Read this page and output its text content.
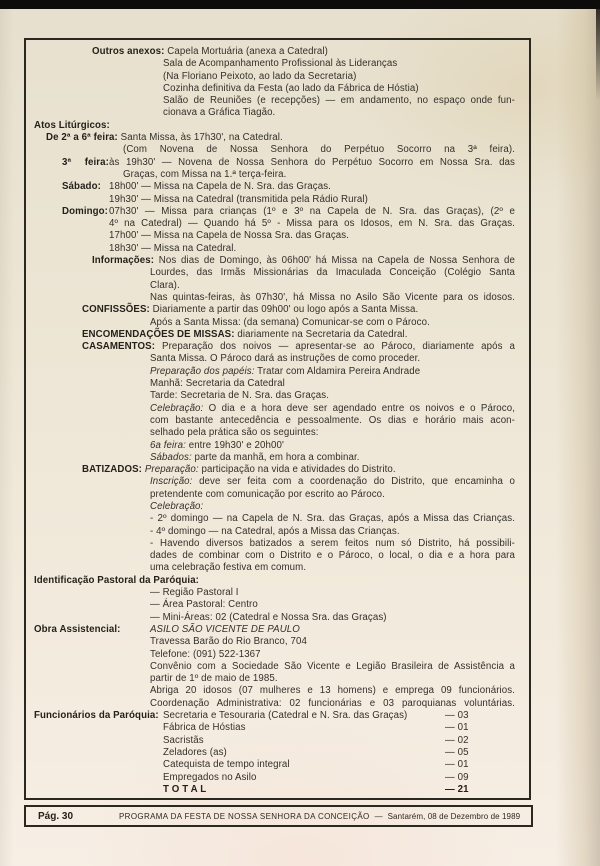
Outros anexos: Capela Mortuária (anexa a Catedral)
Sala de Acompanhamento Profissional às Lideranças
(Na Floriano Peixoto, ao lado da Secretaria)
Cozinha definitiva da Festa (ao lado da Fábrica de Hóstia)
Salão de Reuniões (e recepções) — em andamento, no espaço onde fun-
cionava a Gráfica Tiagão.
Atos Litúrgicos:
De 2ª a 6ª feira: Santa Missa, às 17h30', na Catedral.
(Com Novena de Nossa Senhora do Perpétuo Socorro na 3ª feira).
3ª feira: às 19h30' — Novena de Nossa Senhora do Perpétuo Socorro em Nossa Sra. das
Graças, com Missa na 1.ª terça-feira.
Sábado: 18h00' — Missa na Capela de N. Sra. das Graças.
19h30' — Missa na Catedral (transmitida pela Rádio Rural)
Domingo: 07h30' — Missa para crianças (1º e 3º na Capela de N. Sra. das Graças), (2º e
4º na Catedral) — Quando há 5º - Missa para os Idosos, em N. Sra. das Graças.
17h00' — Missa na Capela de Nossa Sra. das Graças.
18h30' — Missa na Catedral.
Informações: Nos dias de Domingo, às 06h00' há Missa na Capela de Nossa Senhora de
Lourdes, das Irmãs Missionárias da Imaculada Conceição (Colégio Santa
Clara).
Nas quintas-feiras, às 07h30', há Missa no Asilo São Vicente para os idosos.
CONFISSÕES: Diariamente a partir das 09h00' ou logo após a Santa Missa.
Após a Santa Missa: (da semana) Comunicar-se com o Pároco.
ENCOMENDAÇÕES DE MISSAS: diariamente na Secretaria da Catedral.
CASAMENTOS: Preparação dos noivos — apresentar-se ao Pároco, diariamente após a
Santa Missa. O Pároco dará as instruções de como proceder.
Preparação dos papéis: Tratar com Aldamira Pereira Andrade
Manhã: Secretaria da Catedral
Tarde: Secretaria de N. Sra. das Graças.
Celebração: O dia e a hora deve ser agendado entre os noivos e o Pároco,
com bastante antecedência e pessoalmente. Os dias e horário mais acon-
selhado pela prática são os seguintes:
6a feira: entre 19h30' e 20h00'
Sábados: parte da manhã, em hora a combinar.
BATIZADOS: Preparação: participação na vida e atividades do Distrito.
Inscrição: deve ser feita com a coordenação do Distrito, que encaminha o
pretendente com comunicação por escrito ao Pároco.
Celebração:
- 2º domingo — na Capela de N. Sra. das Graças, após a Missa das Crianças.
- 4º domingo — na Catedral, após a Missa das Crianças.
- Havendo diversos batizados a serem feitos num só Distrito, há possibili-
dades de combinar com o Distrito e o Pároco, o local, o dia e a hora para
uma celebração festiva em comum.
Identificação Pastoral da Paróquia:
— Região Pastoral I
— Área Pastoral: Centro
— Mini-Áreas: 02 (Catedral e Nossa Sra. das Graças)
Obra Assistencial:	ASILO SÃO VICENTE DE PAULO
Travessa Barão do Rio Branco, 704
Telefone: (091) 522-1367
Convênio com a Sociedade São Vicente e Legião Brasileira de Assistência a
partir de 1º de maio de 1985.
Abriga 20 idosos (07 mulheres e 13 homens) e emprega 09 funcionários.
Coordenação Administrativa: 02 funcionárias e 03 paroquianas voluntárias.
Funcionários da Paróquia: Secretaria e Tesouraria (Catedral e N. Sra. das Graças)	— 03
Fábrica de Hóstias	— 01
Sacristãs	— 02
Zeladores (as)	— 05
Catequista de tempo integral	— 01
Empregados no Asilo	— 09
T O T A L	— 21
Pág. 30	PROGRAMA DA FESTA DE NOSSA SENHORA DA CONCEIÇÃO — Santarém, 08 de Dezembro de 1989
